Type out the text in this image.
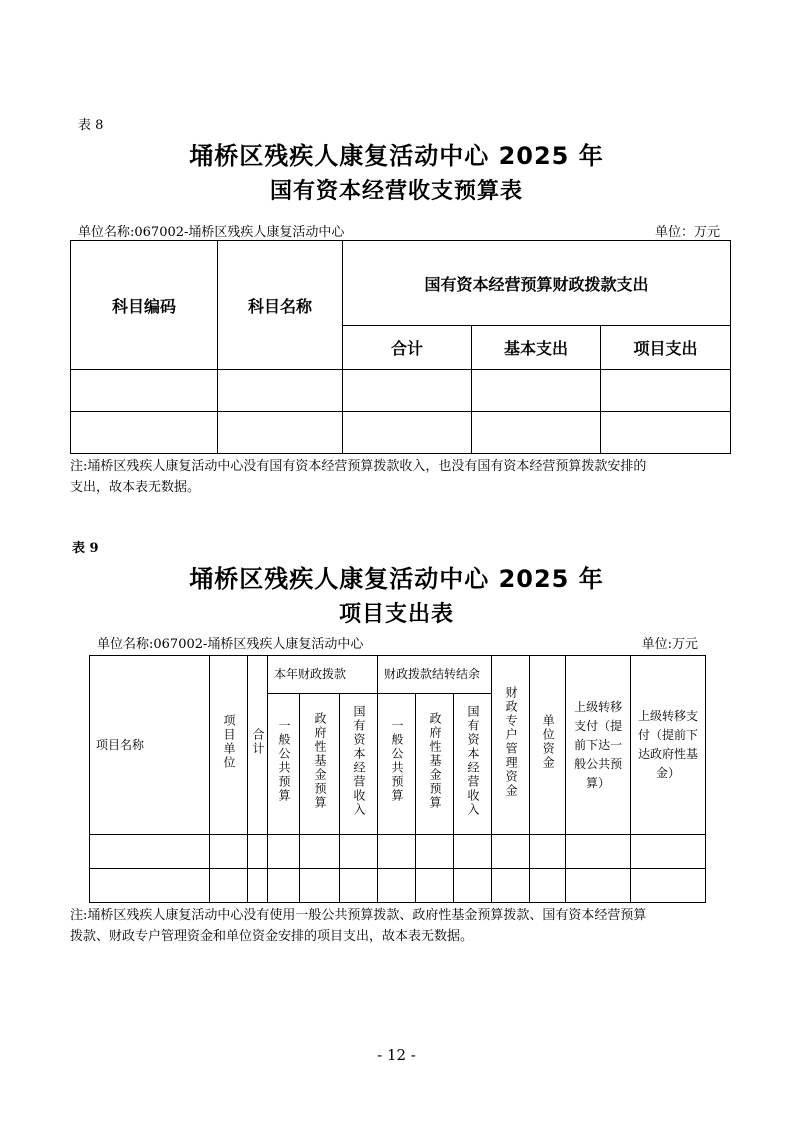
表 8
埇桥区残疾人康复活动中心 2025 年
国有资本经营收支预算表
单位名称:067002-埇桥区残疾人康复活动中心	单位：万元
科目编码	科目名称	国有资本经营预算财政拨款支出		
		合计	基本支出	项目支出

注:埇桥区残疾人康复活动中心没有国有资本经营预算拨款收入，也没有国有资本经营预算拨款安排的
支出，故本表无数据。
表 9
埇桥区残疾人康复活动中心 2025 年
项目支出表
单位名称:067002-埇桥区残疾人康复活动中心	单位:万元
项目名称	项目单位	合计	本年财政拨款			财政拨款结转结余			财政专户管理资金	单位资金	上级转移支付（提前下达一般公共预算）	上级转移支付（提前下达政府性基金）
			一般公共预算	政府性基金预算	国有资本经营收入	一般公共预算	政府性基金预算	国有资本经营收入				

注:埇桥区残疾人康复活动中心没有使用一般公共预算拨款、政府性基金预算拨款、国有资本经营预算
拨款、财政专户管理资金和单位资金安排的项目支出，故本表无数据。
- 12 -
